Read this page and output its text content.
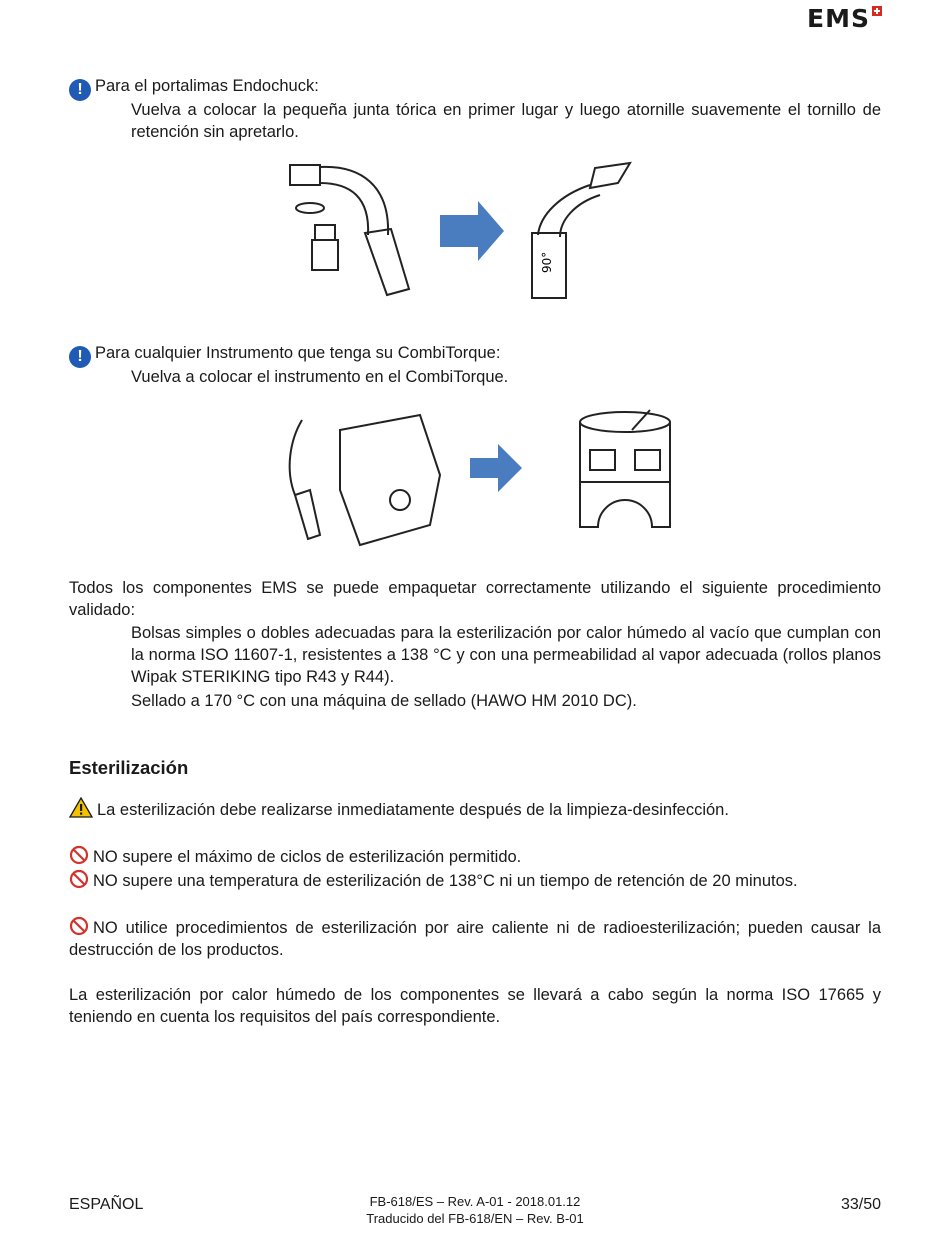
EMS
! Para el portalimas Endochuck:
Vuelva a colocar la pequeña junta tórica en primer lugar y luego atornille suavemente el tornillo de retención sin apretarlo.
90°
! Para cualquier Instrumento que tenga su CombiTorque:
Vuelva a colocar el instrumento en el CombiTorque.
Todos los componentes EMS se puede empaquetar correctamente utilizando el siguiente procedimiento validado:
Bolsas simples o dobles adecuadas para la esterilización por calor húmedo al vacío que cumplan con la norma ISO 11607-1, resistentes a 138 °C y con una permeabilidad al vapor adecuada (rollos planos Wipak STERIKING tipo R43 y R44).
Sellado a 170 °C con una máquina de sellado (HAWO HM 2010 DC).
Esterilización
La esterilización debe realizarse inmediatamente después de la limpieza-desinfección.
NO supere el máximo de ciclos de esterilización permitido.
NO supere una temperatura de esterilización de 138°C ni un tiempo de retención de 20 minutos.
NO utilice procedimientos de esterilización por aire caliente ni de radioesterilización; pueden causar la destrucción de los productos.
La esterilización por calor húmedo de los componentes se llevará a cabo según la norma ISO 17665 y teniendo en cuenta los requisitos del país correspondiente.
ESPAÑOL	FB-618/ES – Rev. A-01 - 2018.01.12
Traducido del FB-618/EN – Rev. B-01
33/50
